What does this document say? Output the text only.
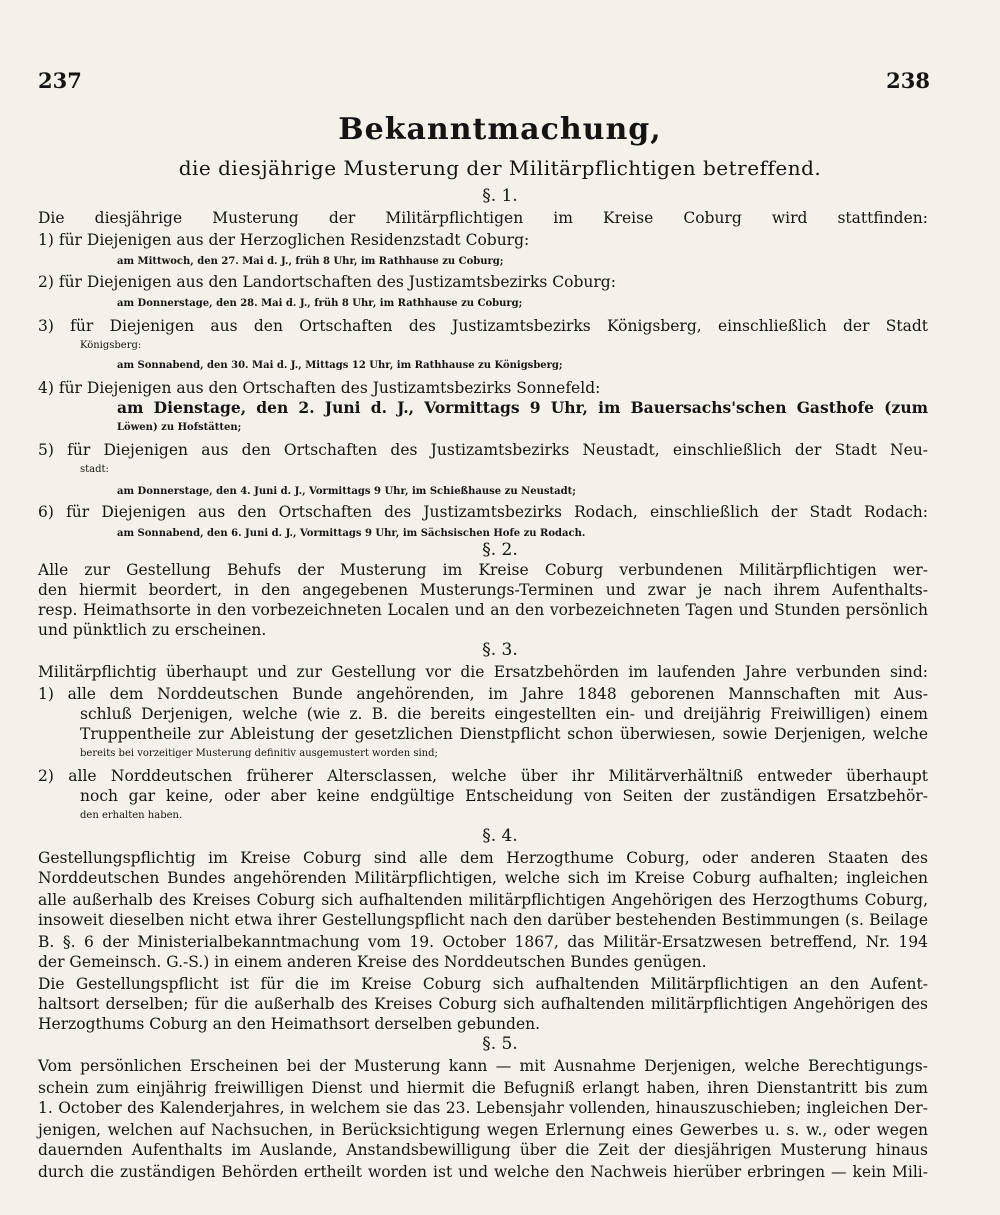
237	238
Bekanntmachung,
die diesjährige Musterung der Militärpflichtigen betreffend.
§. 1.
Die diesjährige Musterung der Militärpflichtigen im Kreise Coburg wird stattfinden:
1) für Diejenigen aus der Herzoglichen Residenzstadt Coburg:
am Mittwoch, den 27. Mai d. J., früh 8 Uhr, im Rathhause zu Coburg;
2) für Diejenigen aus den Landortschaften des Justizamtsbezirks Coburg:
am Donnerstage, den 28. Mai d. J., früh 8 Uhr, im Rathhause zu Coburg;
3) für Diejenigen aus den Ortschaften des Justizamtsbezirks Königsberg, einschließlich der Stadt
Königsberg:
am Sonnabend, den 30. Mai d. J., Mittags 12 Uhr, im Rathhause zu Königsberg;
4) für Diejenigen aus den Ortschaften des Justizamtsbezirks Sonnefeld:
am Dienstage, den 2. Juni d. J., Vormittags 9 Uhr, im Bauersachs'schen Gasthofe (zum
Löwen) zu Hofstätten;
5) für Diejenigen aus den Ortschaften des Justizamtsbezirks Neustadt, einschließlich der Stadt Neu-
stadt:
am Donnerstage, den 4. Juni d. J., Vormittags 9 Uhr, im Schießhause zu Neustadt;
6) für Diejenigen aus den Ortschaften des Justizamtsbezirks Rodach, einschließlich der Stadt Rodach:
am Sonnabend, den 6. Juni d. J., Vormittags 9 Uhr, im Sächsischen Hofe zu Rodach.
§. 2.
Alle zur Gestellung Behufs der Musterung im Kreise Coburg verbundenen Militärpflichtigen wer-
den hiermit beordert, in den angegebenen Musterungs-Terminen und zwar je nach ihrem Aufenthalts-
resp. Heimathsorte in den vorbezeichneten Localen und an den vorbezeichneten Tagen und Stunden persönlich
und pünktlich zu erscheinen.
§. 3.
Militärpflichtig überhaupt und zur Gestellung vor die Ersatzbehörden im laufenden Jahre verbunden sind:
1) alle dem Norddeutschen Bunde angehörenden, im Jahre 1848 geborenen Mannschaften mit Aus-
schluß Derjenigen, welche (wie z. B. die bereits eingestellten ein- und dreijährig Freiwilligen) einem
Truppentheile zur Ableistung der gesetzlichen Dienstpflicht schon überwiesen, sowie Derjenigen, welche
bereits bei vorzeitiger Musterung definitiv ausgemustert worden sind;
2) alle Norddeutschen früherer Altersclassen, welche über ihr Militärverhältniß entweder überhaupt
noch gar keine, oder aber keine endgültige Entscheidung von Seiten der zuständigen Ersatzbehör-
den erhalten haben.
§. 4.
Gestellungspflichtig im Kreise Coburg sind alle dem Herzogthume Coburg, oder anderen Staaten des
Norddeutschen Bundes angehörenden Militärpflichtigen, welche sich im Kreise Coburg aufhalten; ingleichen
alle außerhalb des Kreises Coburg sich aufhaltenden militärpflichtigen Angehörigen des Herzogthums Coburg,
insoweit dieselben nicht etwa ihrer Gestellungspflicht nach den darüber bestehenden Bestimmungen (s. Beilage
B. §. 6 der Ministerialbekanntmachung vom 19. October 1867, das Militär-Ersatzwesen betreffend, Nr. 194
der Gemeinsch. G.-S.) in einem anderen Kreise des Norddeutschen Bundes genügen.
Die Gestellungspflicht ist für die im Kreise Coburg sich aufhaltenden Militärpflichtigen an den Aufent-
haltsort derselben; für die außerhalb des Kreises Coburg sich aufhaltenden militärpflichtigen Angehörigen des
Herzogthums Coburg an den Heimathsort derselben gebunden.
§. 5.
Vom persönlichen Erscheinen bei der Musterung kann — mit Ausnahme Derjenigen, welche Berechtigungs-
schein zum einjährig freiwilligen Dienst und hiermit die Befugniß erlangt haben, ihren Dienstantritt bis zum
1. October des Kalenderjahres, in welchem sie das 23. Lebensjahr vollenden, hinauszuschieben; ingleichen Der-
jenigen, welchen auf Nachsuchen, in Berücksichtigung wegen Erlernung eines Gewerbes u. s. w., oder wegen
dauernden Aufenthalts im Auslande, Anstandsbewilligung über die Zeit der diesjährigen Musterung hinaus
durch die zuständigen Behörden ertheilt worden ist und welche den Nachweis hierüber erbringen — kein Mili-
